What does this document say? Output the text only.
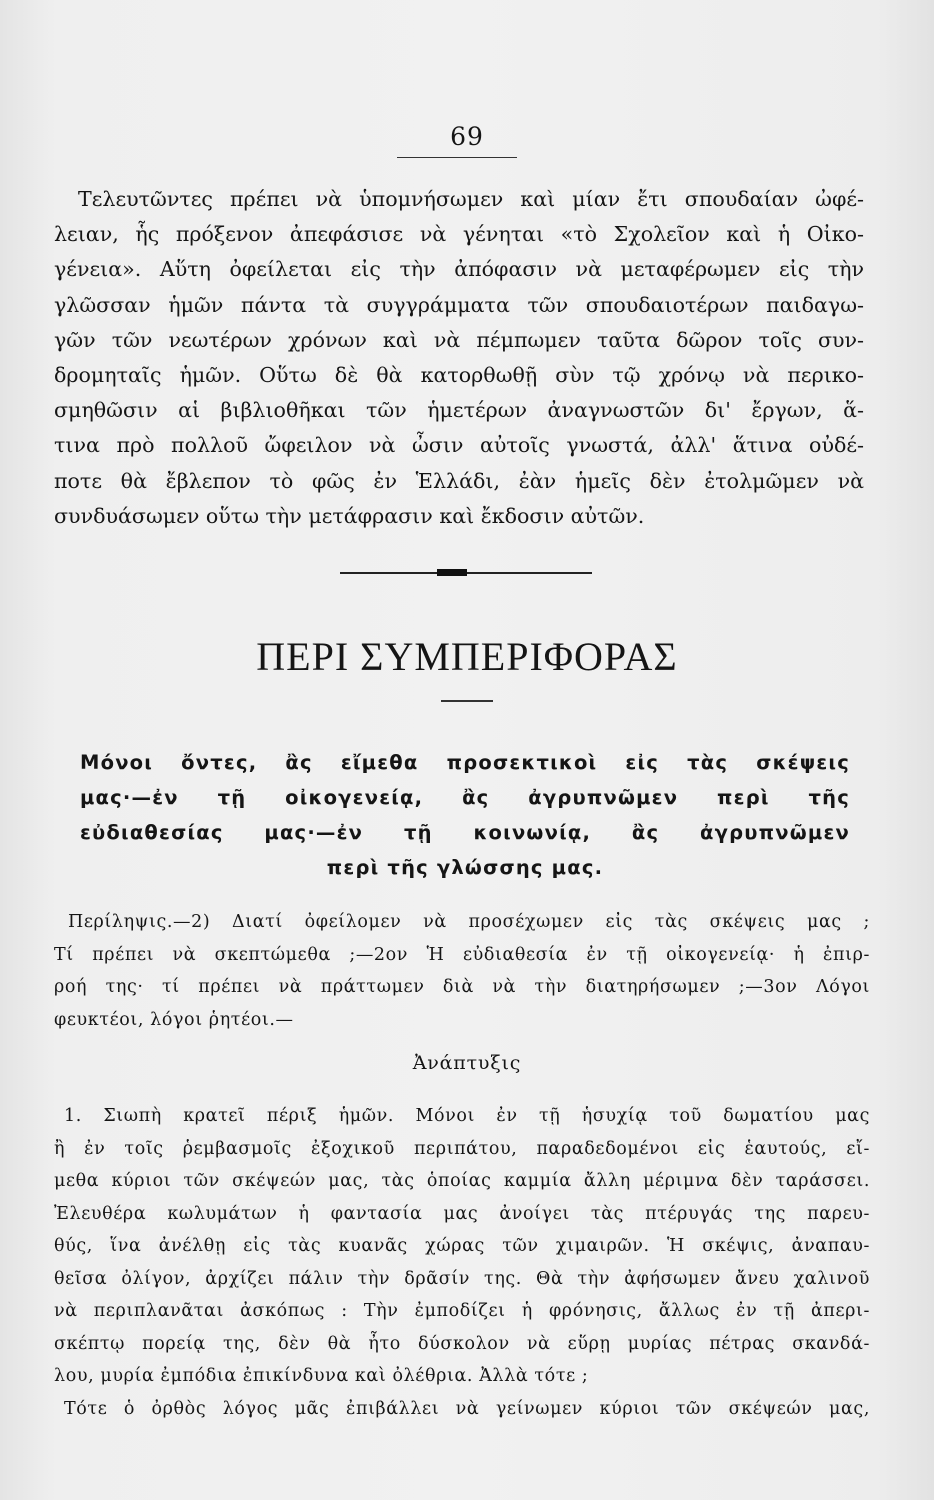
69
Τελευτῶντες πρέπει νὰ ὑπομνήσωμεν καὶ μίαν ἔτι σπουδαίαν ὠφέ-
λειαν, ἧς πρόξενον ἀπεφάσισε νὰ γένηται «τὸ Σχολεῖον καὶ ἡ Οἰκο-
γένεια». Αὕτη ὀφείλεται εἰς τὴν ἀπόφασιν νὰ μεταφέρωμεν εἰς τὴν
γλῶσσαν ἡμῶν πάντα τὰ συγγράμματα τῶν σπουδαιοτέρων παιδαγω-
γῶν τῶν νεωτέρων χρόνων καὶ νὰ πέμπωμεν ταῦτα δῶρον τοῖς συν-
δρομηταῖς ἡμῶν. Οὕτω δὲ θὰ κατορθωθῇ σὺν τῷ χρόνῳ νὰ περικο-
σμηθῶσιν αἱ βιβλιοθῆκαι τῶν ἡμετέρων ἀναγνωστῶν δι' ἔργων, ἅ-
τινα πρὸ πολλοῦ ὤφειλον νὰ ὦσιν αὐτοῖς γνωστά, ἀλλ' ἅτινα οὐδέ-
ποτε θὰ ἔβλεπον τὸ φῶς ἐν Ἑλλάδι, ἐὰν ἡμεῖς δὲν ἐτολμῶμεν νὰ
συνδυάσωμεν οὕτω τὴν μετάφρασιν καὶ ἔκδοσιν αὐτῶν.
ΠΕΡΙ ΣΥΜΠΕΡΙΦΟΡΑΣ
Μόνοι ὄντες, ἂς εἴμεθα προσεκτικοὶ εἰς τὰς σκέψεις
μας·—ἐν τῇ οἰκογενείᾳ, ἂς ἀγρυπνῶμεν περὶ τῆς
εὐδιαθεσίας μας·—ἐν τῇ κοινωνίᾳ, ἂς ἀγρυπνῶμεν
περὶ τῆς γλώσσης μας.
Περίληψις.—2) Διατί ὀφείλομεν νὰ προσέχωμεν εἰς τὰς σκέψεις μας ;
Τί πρέπει νὰ σκεπτώμεθα ;—2ον Ἡ εὐδιαθεσία ἐν τῇ οἰκογενείᾳ· ἡ ἐπιρ-
ροή της· τί πρέπει νὰ πράττωμεν διὰ νὰ τὴν διατηρήσωμεν ;—3ον Λόγοι
φευκτέοι, λόγοι ῥητέοι.—
Ἀνάπτυξις
1. Σιωπὴ κρατεῖ πέριξ ἡμῶν. Μόνοι ἐν τῇ ἡσυχίᾳ τοῦ δωματίου μας
ἢ ἐν τοῖς ῥεμβασμοῖς ἐξοχικοῦ περιπάτου, παραδεδομένοι εἰς ἑαυτούς, εἴ-
μεθα κύριοι τῶν σκέψεών μας, τὰς ὁποίας καμμία ἄλλη μέριμνα δὲν ταράσσει.
Ἐλευθέρα κωλυμάτων ἡ φαντασία μας ἀνοίγει τὰς πτέρυγάς της παρευ-
θύς, ἵνα ἀνέλθῃ εἰς τὰς κυανᾶς χώρας τῶν χιμαιρῶν. Ἡ σκέψις, ἀναπαυ-
θεῖσα ὀλίγον, ἀρχίζει πάλιν τὴν δρᾶσίν της. Θὰ τὴν ἀφήσωμεν ἄνευ χαλινοῦ
νὰ περιπλανᾶται ἀσκόπως : Τὴν ἐμποδίζει ἡ φρόνησις, ἄλλως ἐν τῇ ἀπερι-
σκέπτῳ πορείᾳ της, δὲν θὰ ἦτο δύσκολον νὰ εὕρῃ μυρίας πέτρας σκανδά-
λου, μυρία ἐμπόδια ἐπικίνδυνα καὶ ὀλέθρια. Ἀλλὰ τότε ;
Τότε ὁ ὀρθὸς λόγος μᾶς ἐπιβάλλει νὰ γείνωμεν κύριοι τῶν σκέψεών μας,
